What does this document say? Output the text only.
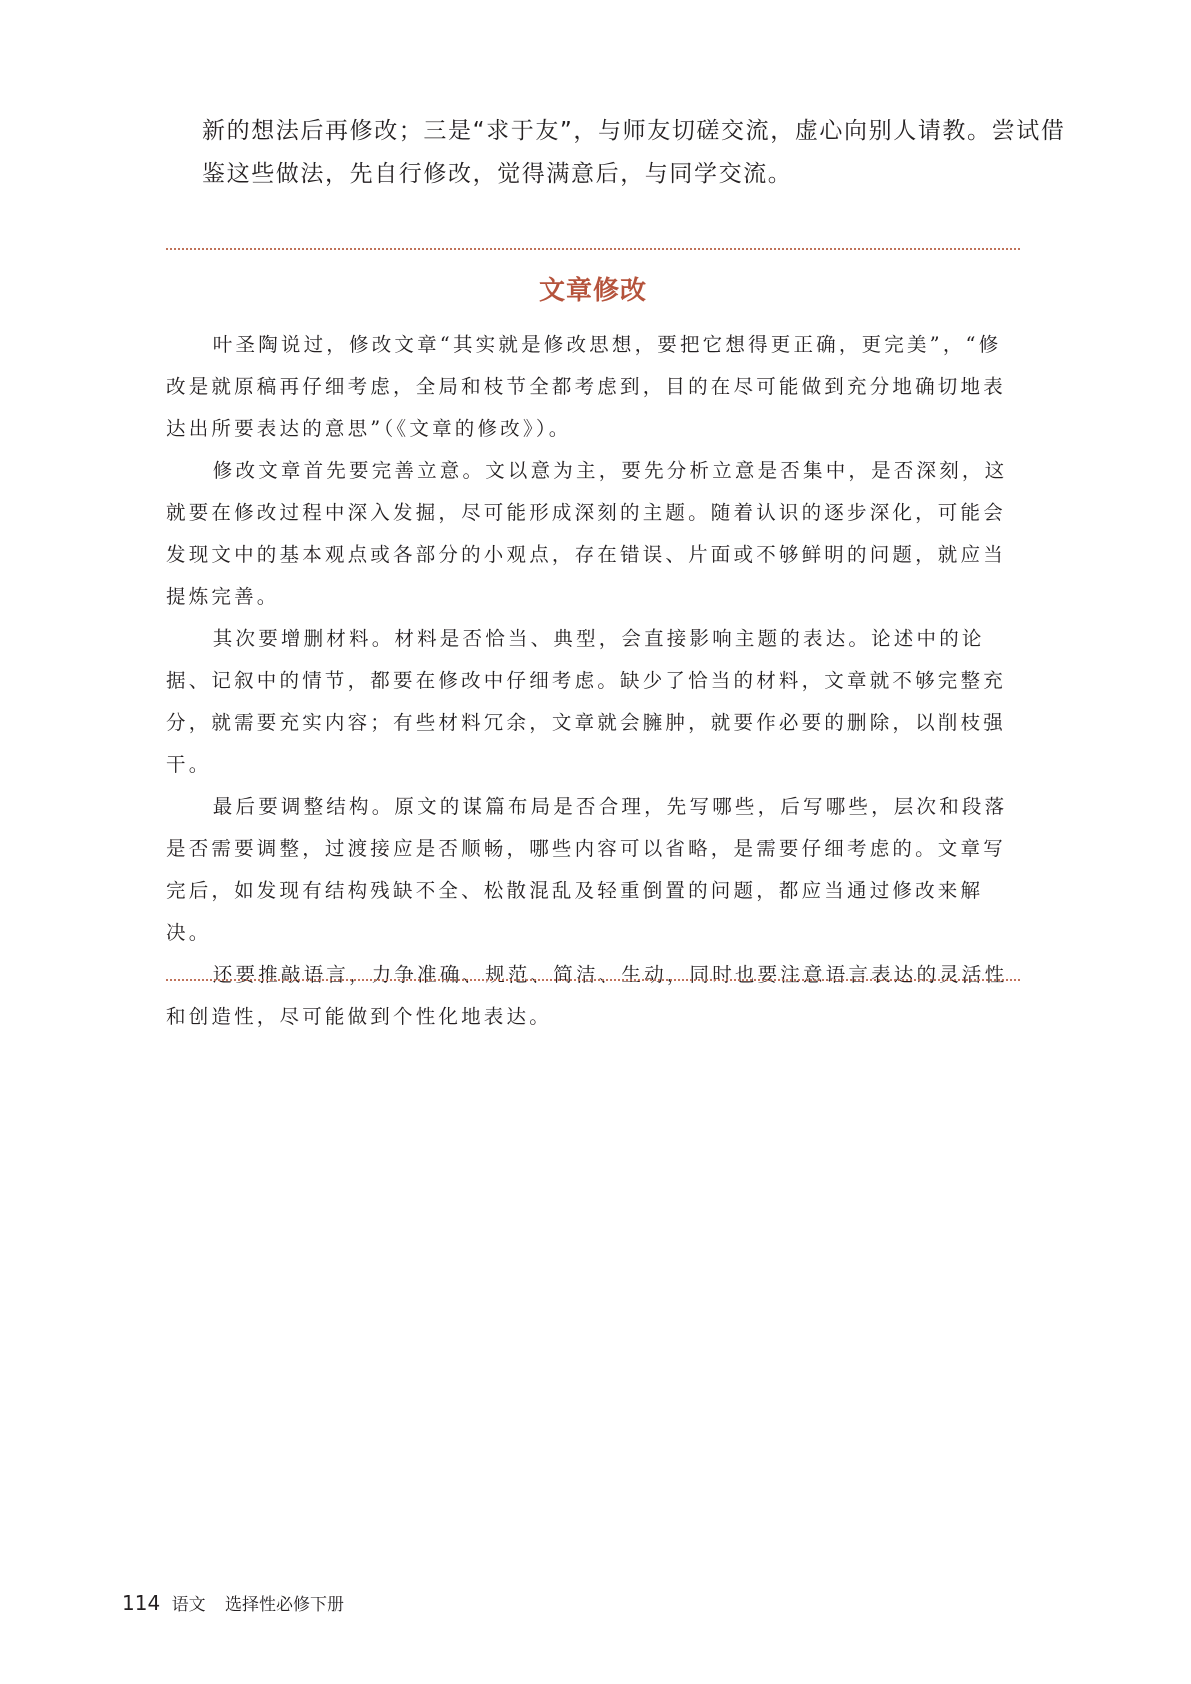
新的想法后再修改；三是“求于友”，与师友切磋交流，虚心向别人请教。尝试借

鉴这些做法，先自行修改，觉得满意后，与同学交流。

文章修改

叶圣陶说过，修改文章“其实就是修改思想，要把它想得更正确，更完美”，“修改是就原稿再仔细考虑，全局和枝节全都考虑到，目的在尽可能做到充分地确切地表达出所要表达的意思”（《文章的修改》）。

修改文章首先要完善立意。文以意为主，要先分析立意是否集中，是否深刻，这就要在修改过程中深入发掘，尽可能形成深刻的主题。随着认识的逐步深化，可能会发现文中的基本观点或各部分的小观点，存在错误、片面或不够鲜明的问题，就应当提炼完善。

其次要增删材料。材料是否恰当、典型，会直接影响主题的表达。论述中的论据、记叙中的情节，都要在修改中仔细考虑。缺少了恰当的材料，文章就不够完整充分，就需要充实内容；有些材料冗余，文章就会臃肿，就要作必要的删除，以削枝强干。

最后要调整结构。原文的谋篇布局是否合理，先写哪些，后写哪些，层次和段落是否需要调整，过渡接应是否顺畅，哪些内容可以省略，是需要仔细考虑的。文章写完后，如发现有结构残缺不全、松散混乱及轻重倒置的问题，都应当通过修改来解决。

还要推敲语言，力争准确、规范、简洁、生动，同时也要注意语言表达的灵活性和创造性，尽可能做到个性化地表达。

114 语文 选择性必修下册
